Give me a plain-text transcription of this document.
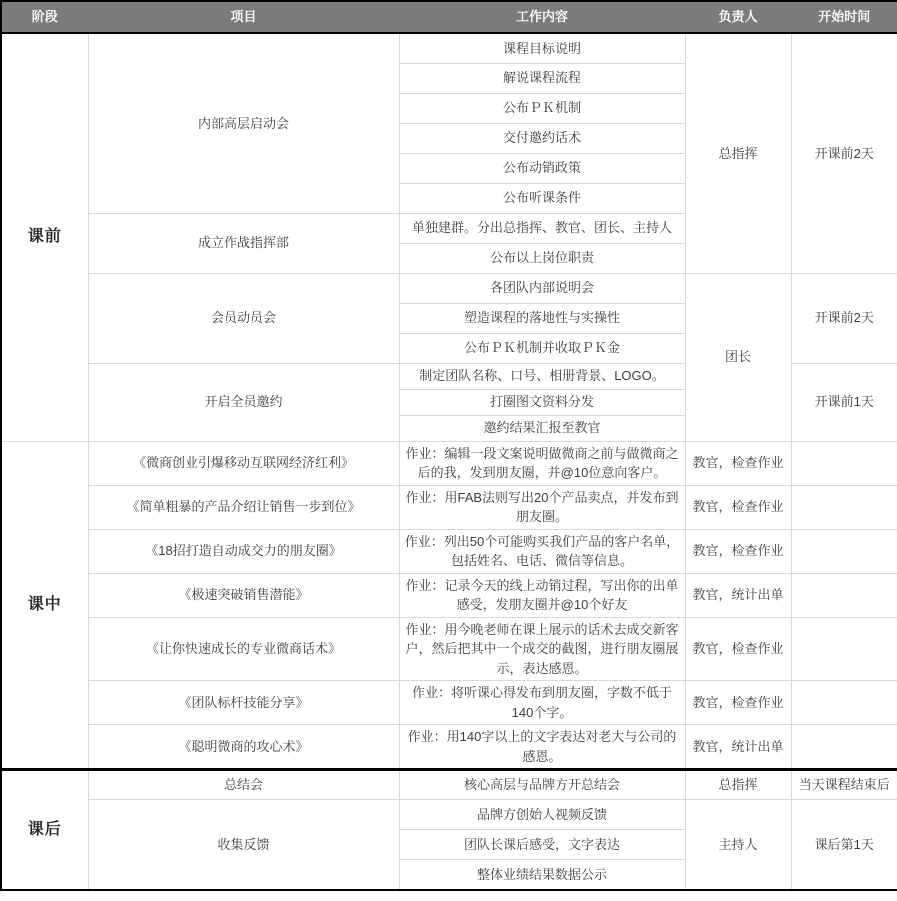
阶段	项目	工作内容	负责人	开始时间
课前	内部高层启动会	课程目标说明	总指挥	开课前2天
		解说课程流程		
		公布ＰＫ机制		
		交付邀约话术		
		公布动销政策		
		公布听课条件		
	成立作战指挥部	单独建群。分出总指挥、教官、团长、主持人		
		公布以上岗位职责		
	会员动员会	各团队内部说明会	团长	开课前2天
		塑造课程的落地性与实操性		
		公布ＰＫ机制并收取ＰＫ金		
	开启全员邀约	制定团队名称、口号、相册背景、LOGO。		开课前1天
		打圈图文资料分发		
		邀约结果汇报至教官		
课中	《微商创业引爆移动互联网经济红利》	作业：编辑一段文案说明做微商之前与做微商之后的我，发到朋友圈，并@10位意向客户。	教官，检查作业	
	《简单粗暴的产品介绍让销售一步到位》	作业：用FAB法则写出20个产品卖点，并发布到朋友圈。	教官，检查作业	
	《18招打造自动成交力的朋友圈》	作业：列出50个可能购买我们产品的客户名单，包括姓名、电话、微信等信息。	教官，检查作业	
	《极速突破销售潜能》	作业：记录今天的线上动销过程，写出你的出单感受，发朋友圈并@10个好友	教官，统计出单	
	《让你快速成长的专业微商话术》	作业：用今晚老师在课上展示的话术去成交新客户，然后把其中一个成交的截图，进行朋友圈展示，表达感恩。	教官，检查作业	
	《团队标杆技能分享》	作业：将听课心得发布到朋友圈，字数不低于140个字。	教官，检查作业	
	《聪明微商的攻心术》	作业：用140字以上的文字表达对老大与公司的感恩。	教官，统计出单	
课后	总结会	核心高层与品牌方开总结会	总指挥	当天课程结束后
	收集反馈	品牌方创始人视频反馈	主持人	课后第1天
		团队长课后感受，文字表达		
		整体业绩结果数据公示		
